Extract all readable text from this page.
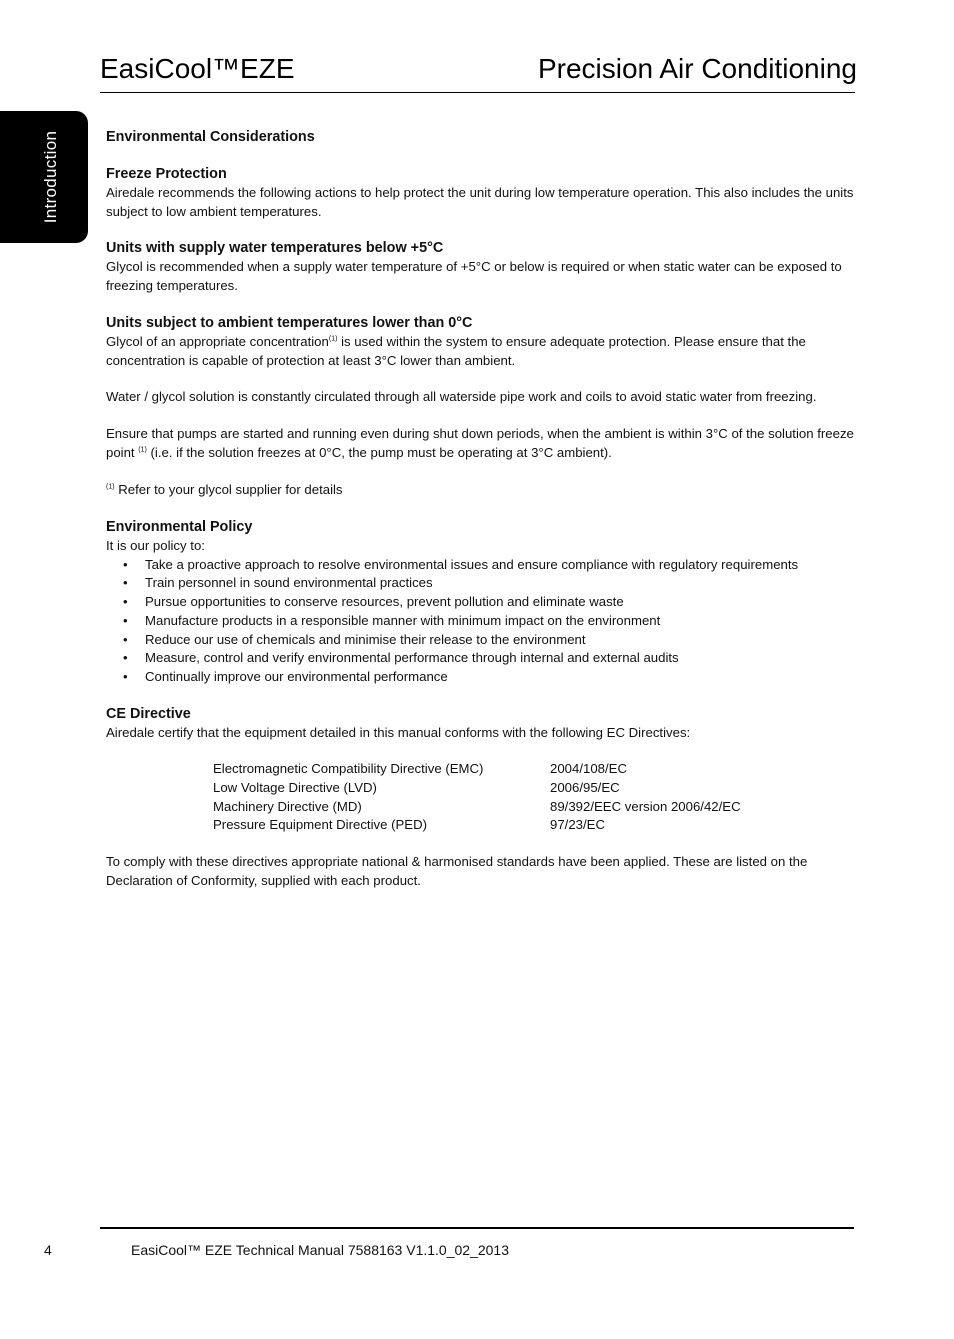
EasiCool™EZE	Precision Air Conditioning
Introduction	Environmental Considerations

Freeze Protection

Airedale recommends the following actions to help protect the unit during low temperature operation. This also includes the units subject to low ambient temperatures.

Units with supply water temperatures below +5°C

Glycol is recommended when a supply water temperature of +5°C or below is required or when static water can be exposed to freezing temperatures.

Units subject to ambient temperatures lower than 0°C

Glycol of an appropriate concentration$^{(1)}$ is used within the system to ensure adequate protection. Please ensure that the concentration is capable of protection at least 3°C lower than ambient.

Water / glycol solution is constantly circulated through all waterside pipe work and coils to avoid static water from freezing.

Ensure that pumps are started and running even during shut down periods, when the ambient is within 3°C of the solution freeze point $^{(1)}$ (i.e. if the solution freezes at 0°C, the pump must be operating at 3°C ambient).

$^{(1)}$ Refer to your glycol supplier for details

Environmental Policy

It is our policy to:

• Take a proactive approach to resolve environmental issues and ensure compliance with regulatory requirements
• Train personnel in sound environmental practices
• Pursue opportunities to conserve resources, prevent pollution and eliminate waste
• Manufacture products in a responsible manner with minimum impact on the environment
• Reduce our use of chemicals and minimise their release to the environment
• Measure, control and verify environmental performance through internal and external audits
• Continually improve our environmental performance

CE Directive

Airedale certify that the equipment detailed in this manual conforms with the following EC Directives:

Electromagnetic Compatibility Directive (EMC)	2004/108/EC
Low Voltage Directive (LVD)	2006/95/EC
Machinery Directive (MD)	89/392/EEC version 2006/42/EC
Pressure Equipment Directive (PED)	97/23/EC

To comply with these directives appropriate national & harmonised standards have been applied. These are listed on the Declaration of Conformity, supplied with each product.

4	EasiCool™ EZE Technical Manual 7588163 V1.1.0_02_2013
